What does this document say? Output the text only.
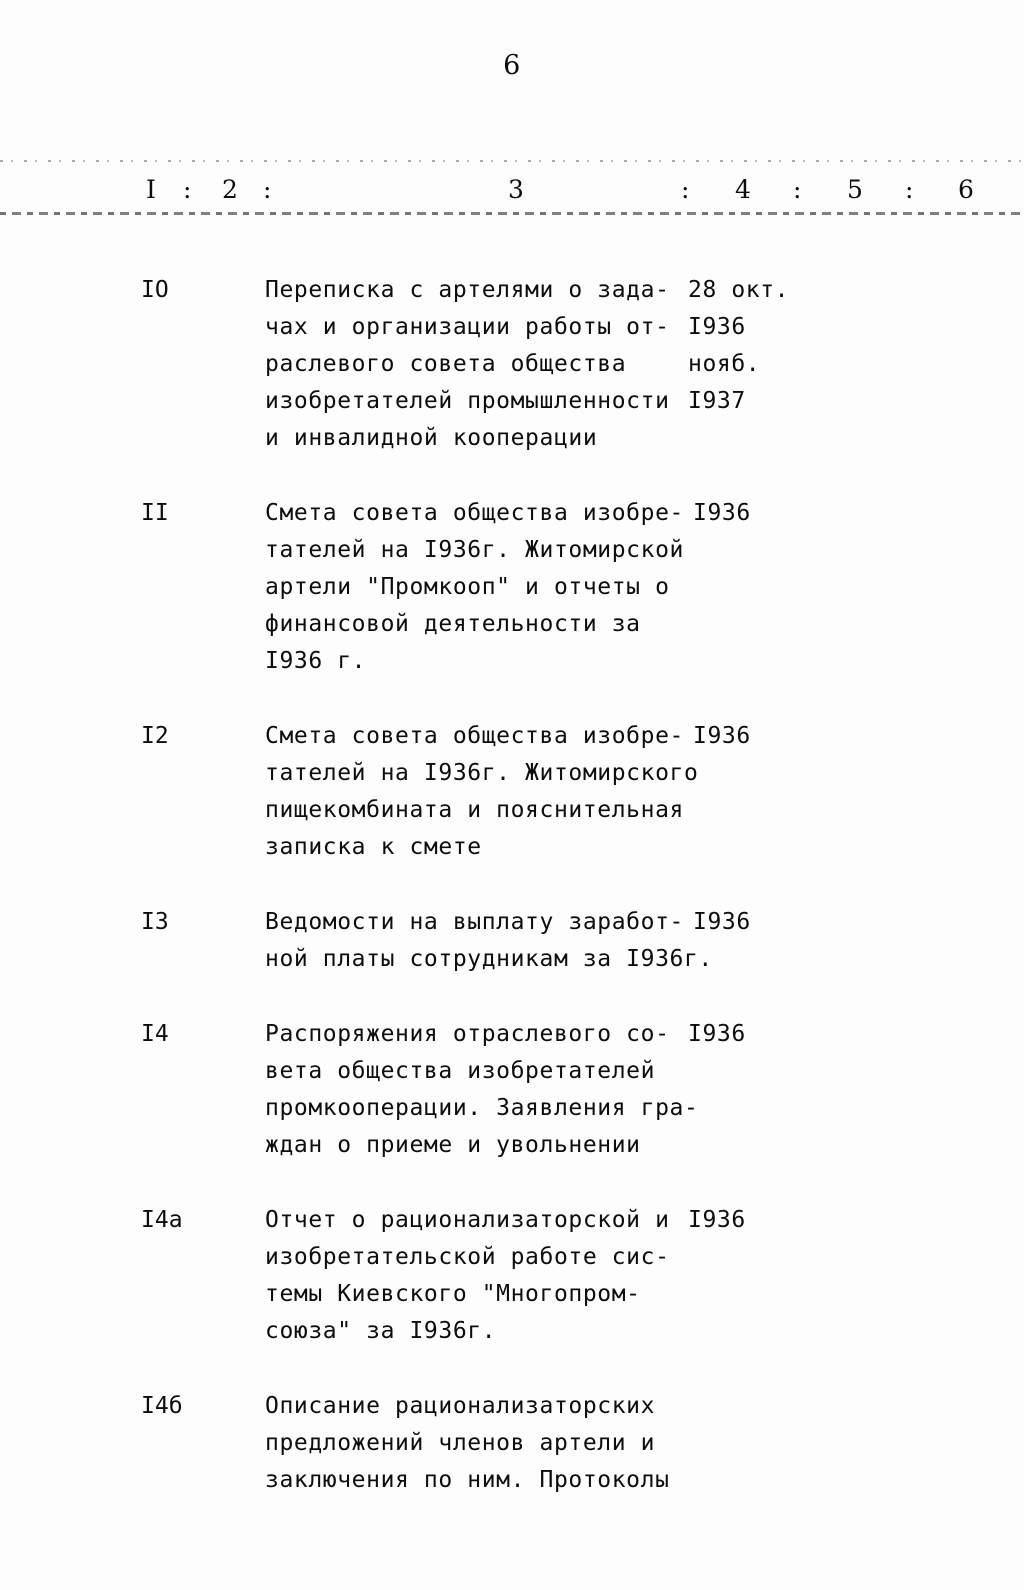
6
I : 2 :	3	: 4 : 5 : 6
IO	Переписка с артелями о зада- 28 окт.
чах и организации работы от- I936
раслевого совета общества	нояб.
изобретателей промышленности I937
и инвалидной кооперации
II	Смета совета общества изобре- I936
тателей на I936г. Житомирской
артели "Промкооп" и отчеты о
финансовой деятельности за
I936 г.
I2	Смета совета общества изобре- I936
тателей на I936г. Житомирского
пищекомбината и пояснительная
записка к смете
I3	Ведомости на выплату заработ- I936
ной платы сотрудникам за I936г.
I4	Распоряжения отраслевого со- I936
вета общества изобретателей
промкооперации. Заявления гра-
ждан о приеме и увольнении
I4а	Отчет о рационализаторской и I936
изобретательской работе сис-
темы Киевского "Многопром-
союза" за I936г.
I4б	Описание рационализаторских
предложений членов артели и
заключения по ним. Протоколы
